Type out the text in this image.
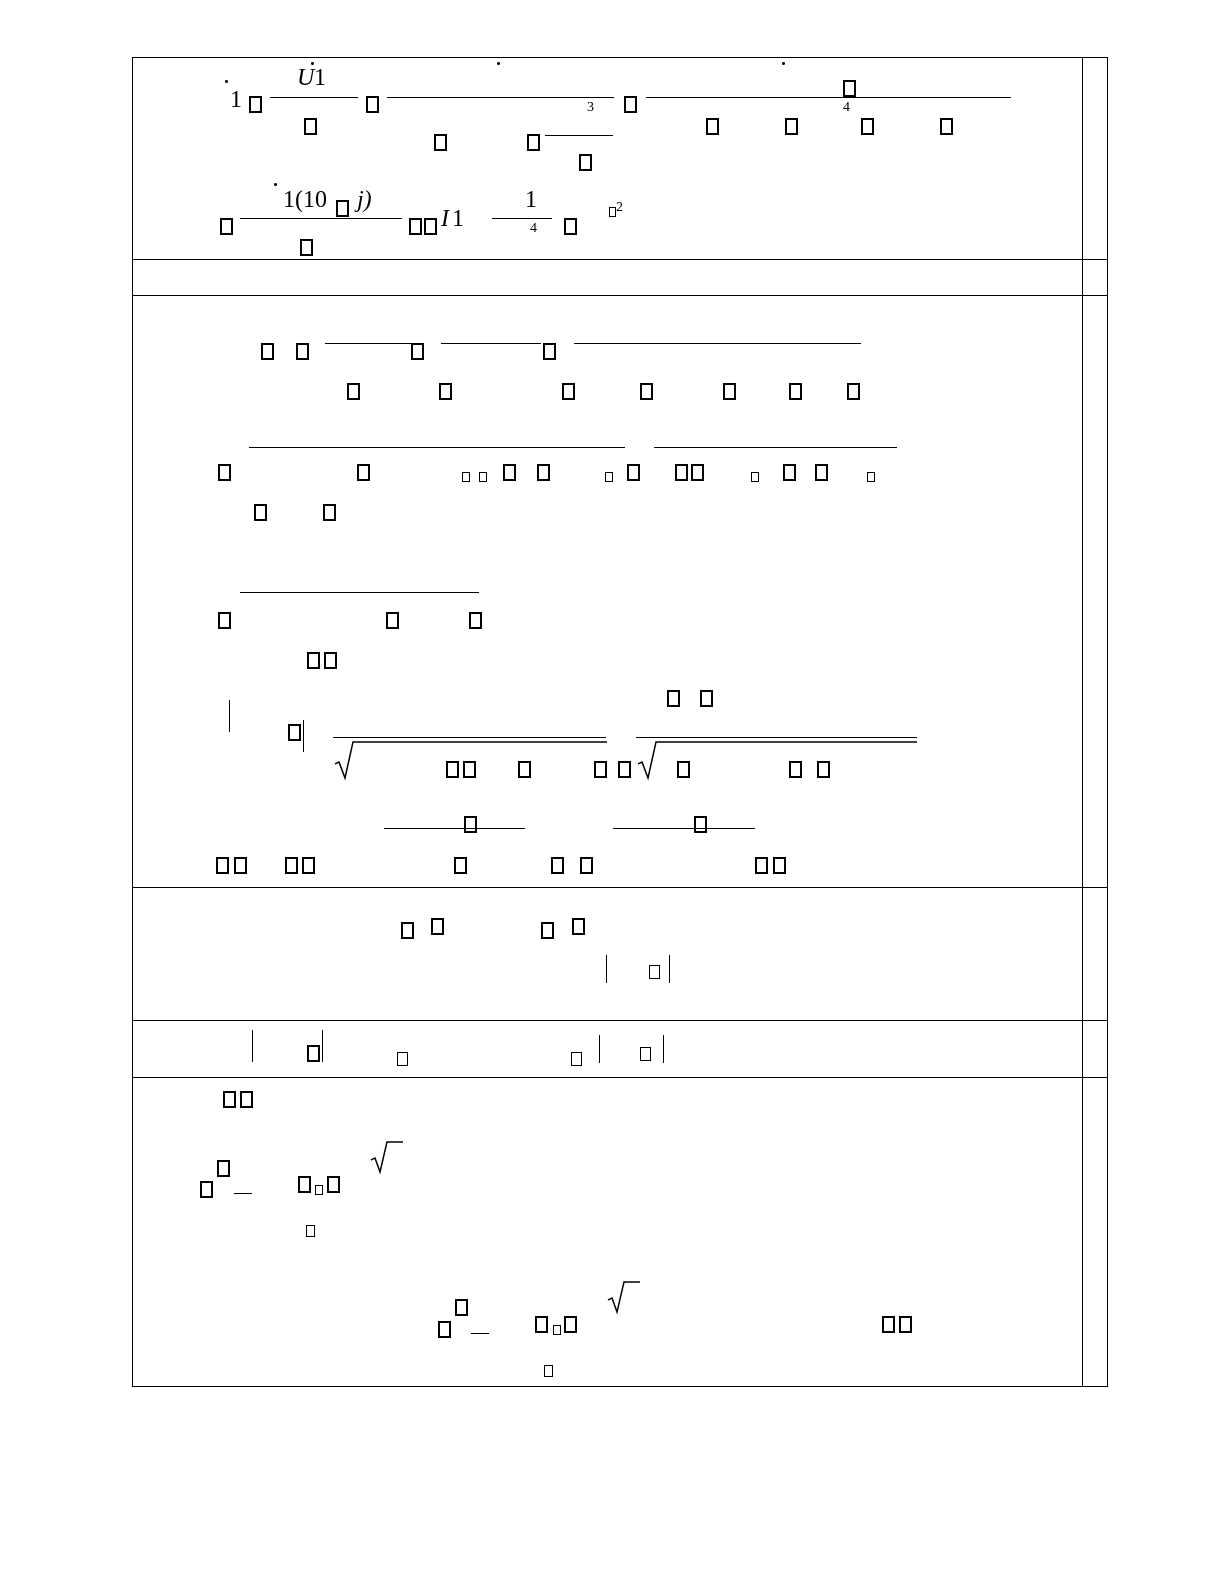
1
U 1
3	4
1(10 j)
I 1
1
4
2
